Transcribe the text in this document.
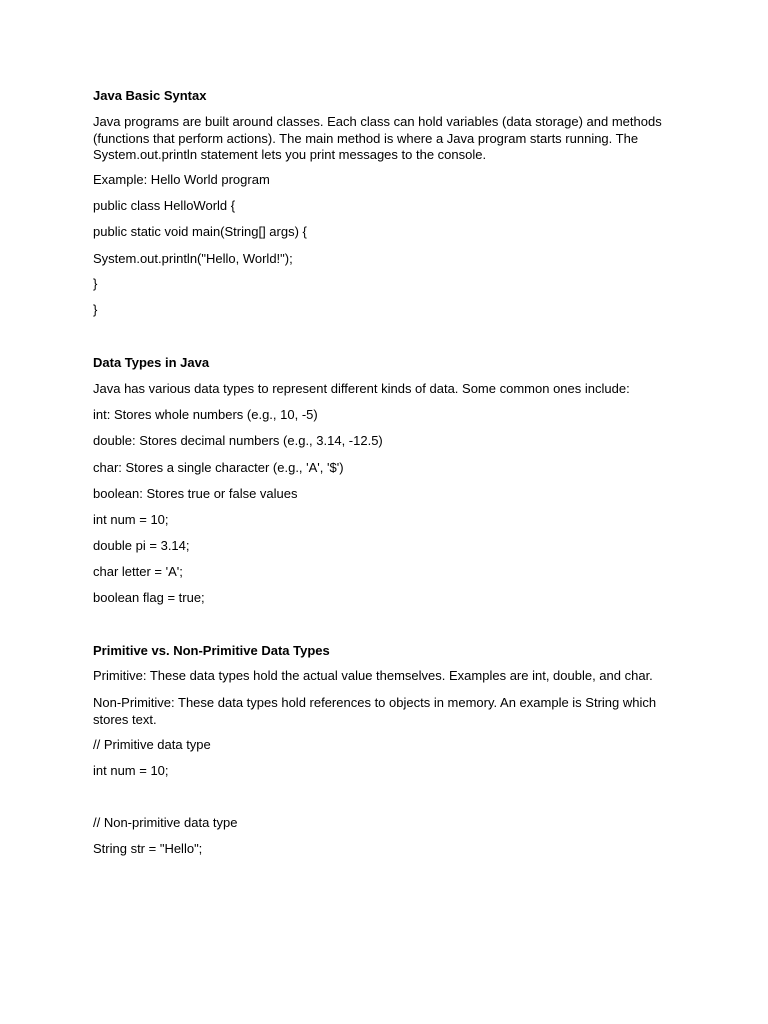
Java Basic Syntax
Java programs are built around classes. Each class can hold variables (data storage) and methods (functions that perform actions). The main method is where a Java program starts running. The System.out.println statement lets you print messages to the console.
Example: Hello World program
public class HelloWorld {
public static void main(String[] args) {
System.out.println("Hello, World!");
}
}
Data Types in Java
Java has various data types to represent different kinds of data. Some common ones include:
int: Stores whole numbers (e.g., 10, -5)
double: Stores decimal numbers (e.g., 3.14, -12.5)
char: Stores a single character (e.g., 'A', '$')
boolean: Stores true or false values
int num = 10;
double pi = 3.14;
char letter = 'A';
boolean flag = true;
Primitive vs. Non-Primitive Data Types
Primitive: These data types hold the actual value themselves. Examples are int, double, and char.
Non-Primitive: These data types hold references to objects in memory. An example is String which stores text.
// Primitive data type
int num = 10;
// Non-primitive data type
String str = "Hello";
